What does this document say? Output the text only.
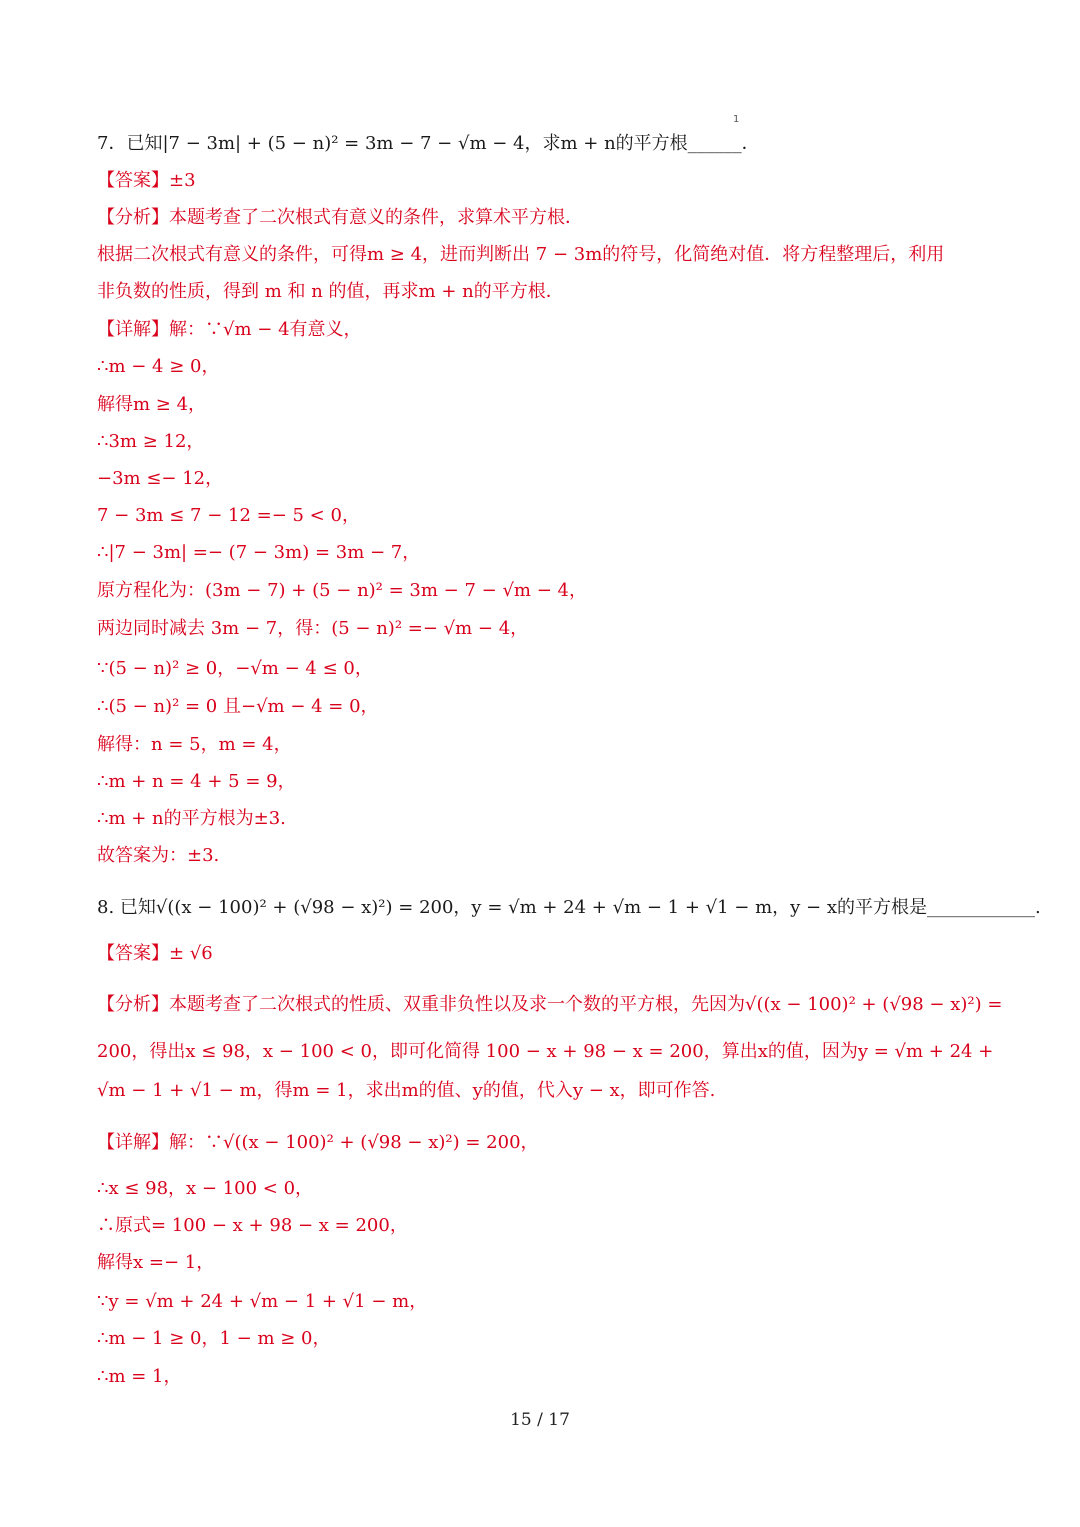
1
7．已知|7 − 3m| + (5 − n)² = 3m − 7 − √m − 4，求m + n的平方根______．
【答案】±3
【分析】本题考查了二次根式有意义的条件，求算术平方根．
根据二次根式有意义的条件，可得m ≥ 4，进而判断出 7 − 3m的符号，化简绝对值．将方程整理后，利用
非负数的性质，得到 m 和 n 的值，再求m + n的平方根．
【详解】解：∵√m − 4有意义，
∴m − 4 ≥ 0，
解得m ≥ 4，
∴3m ≥ 12，
−3m ≤− 12，
7 − 3m ≤ 7 − 12 =− 5 < 0，
∴|7 − 3m| =− (7 − 3m) = 3m − 7，
原方程化为：(3m − 7) + (5 − n)² = 3m − 7 − √m − 4，
两边同时减去 3m − 7，得：(5 − n)² =− √m − 4，
∵(5 − n)² ≥ 0，−√m − 4 ≤ 0，
∴(5 − n)² = 0 且−√m − 4 = 0，
解得：n = 5，m = 4，
∴m + n = 4 + 5 = 9，
∴m + n的平方根为±3.
故答案为：±3.
8. 已知√((x − 100)² + (√98 − x)²) = 200，y = √m + 24 + √m − 1 + √1 − m，y − x的平方根是____________.
【答案】± √6
【分析】本题考查了二次根式的性质、双重非负性以及求一个数的平方根，先因为√((x − 100)² + (√98 − x)²) =
200，得出x ≤ 98，x − 100 < 0，即可化简得 100 − x + 98 − x = 200，算出x的值，因为y = √m + 24 +
√m − 1 + √1 − m，得m = 1，求出m的值、y的值，代入y − x，即可作答.
【详解】解：∵√((x − 100)² + (√98 − x)²) = 200，
∴x ≤ 98，x − 100 < 0，
∴原式= 100 − x + 98 − x = 200，
解得x =− 1，
∵y = √m + 24 + √m − 1 + √1 − m，
∴m − 1 ≥ 0，1 − m ≥ 0，
∴m = 1，
15 / 17
